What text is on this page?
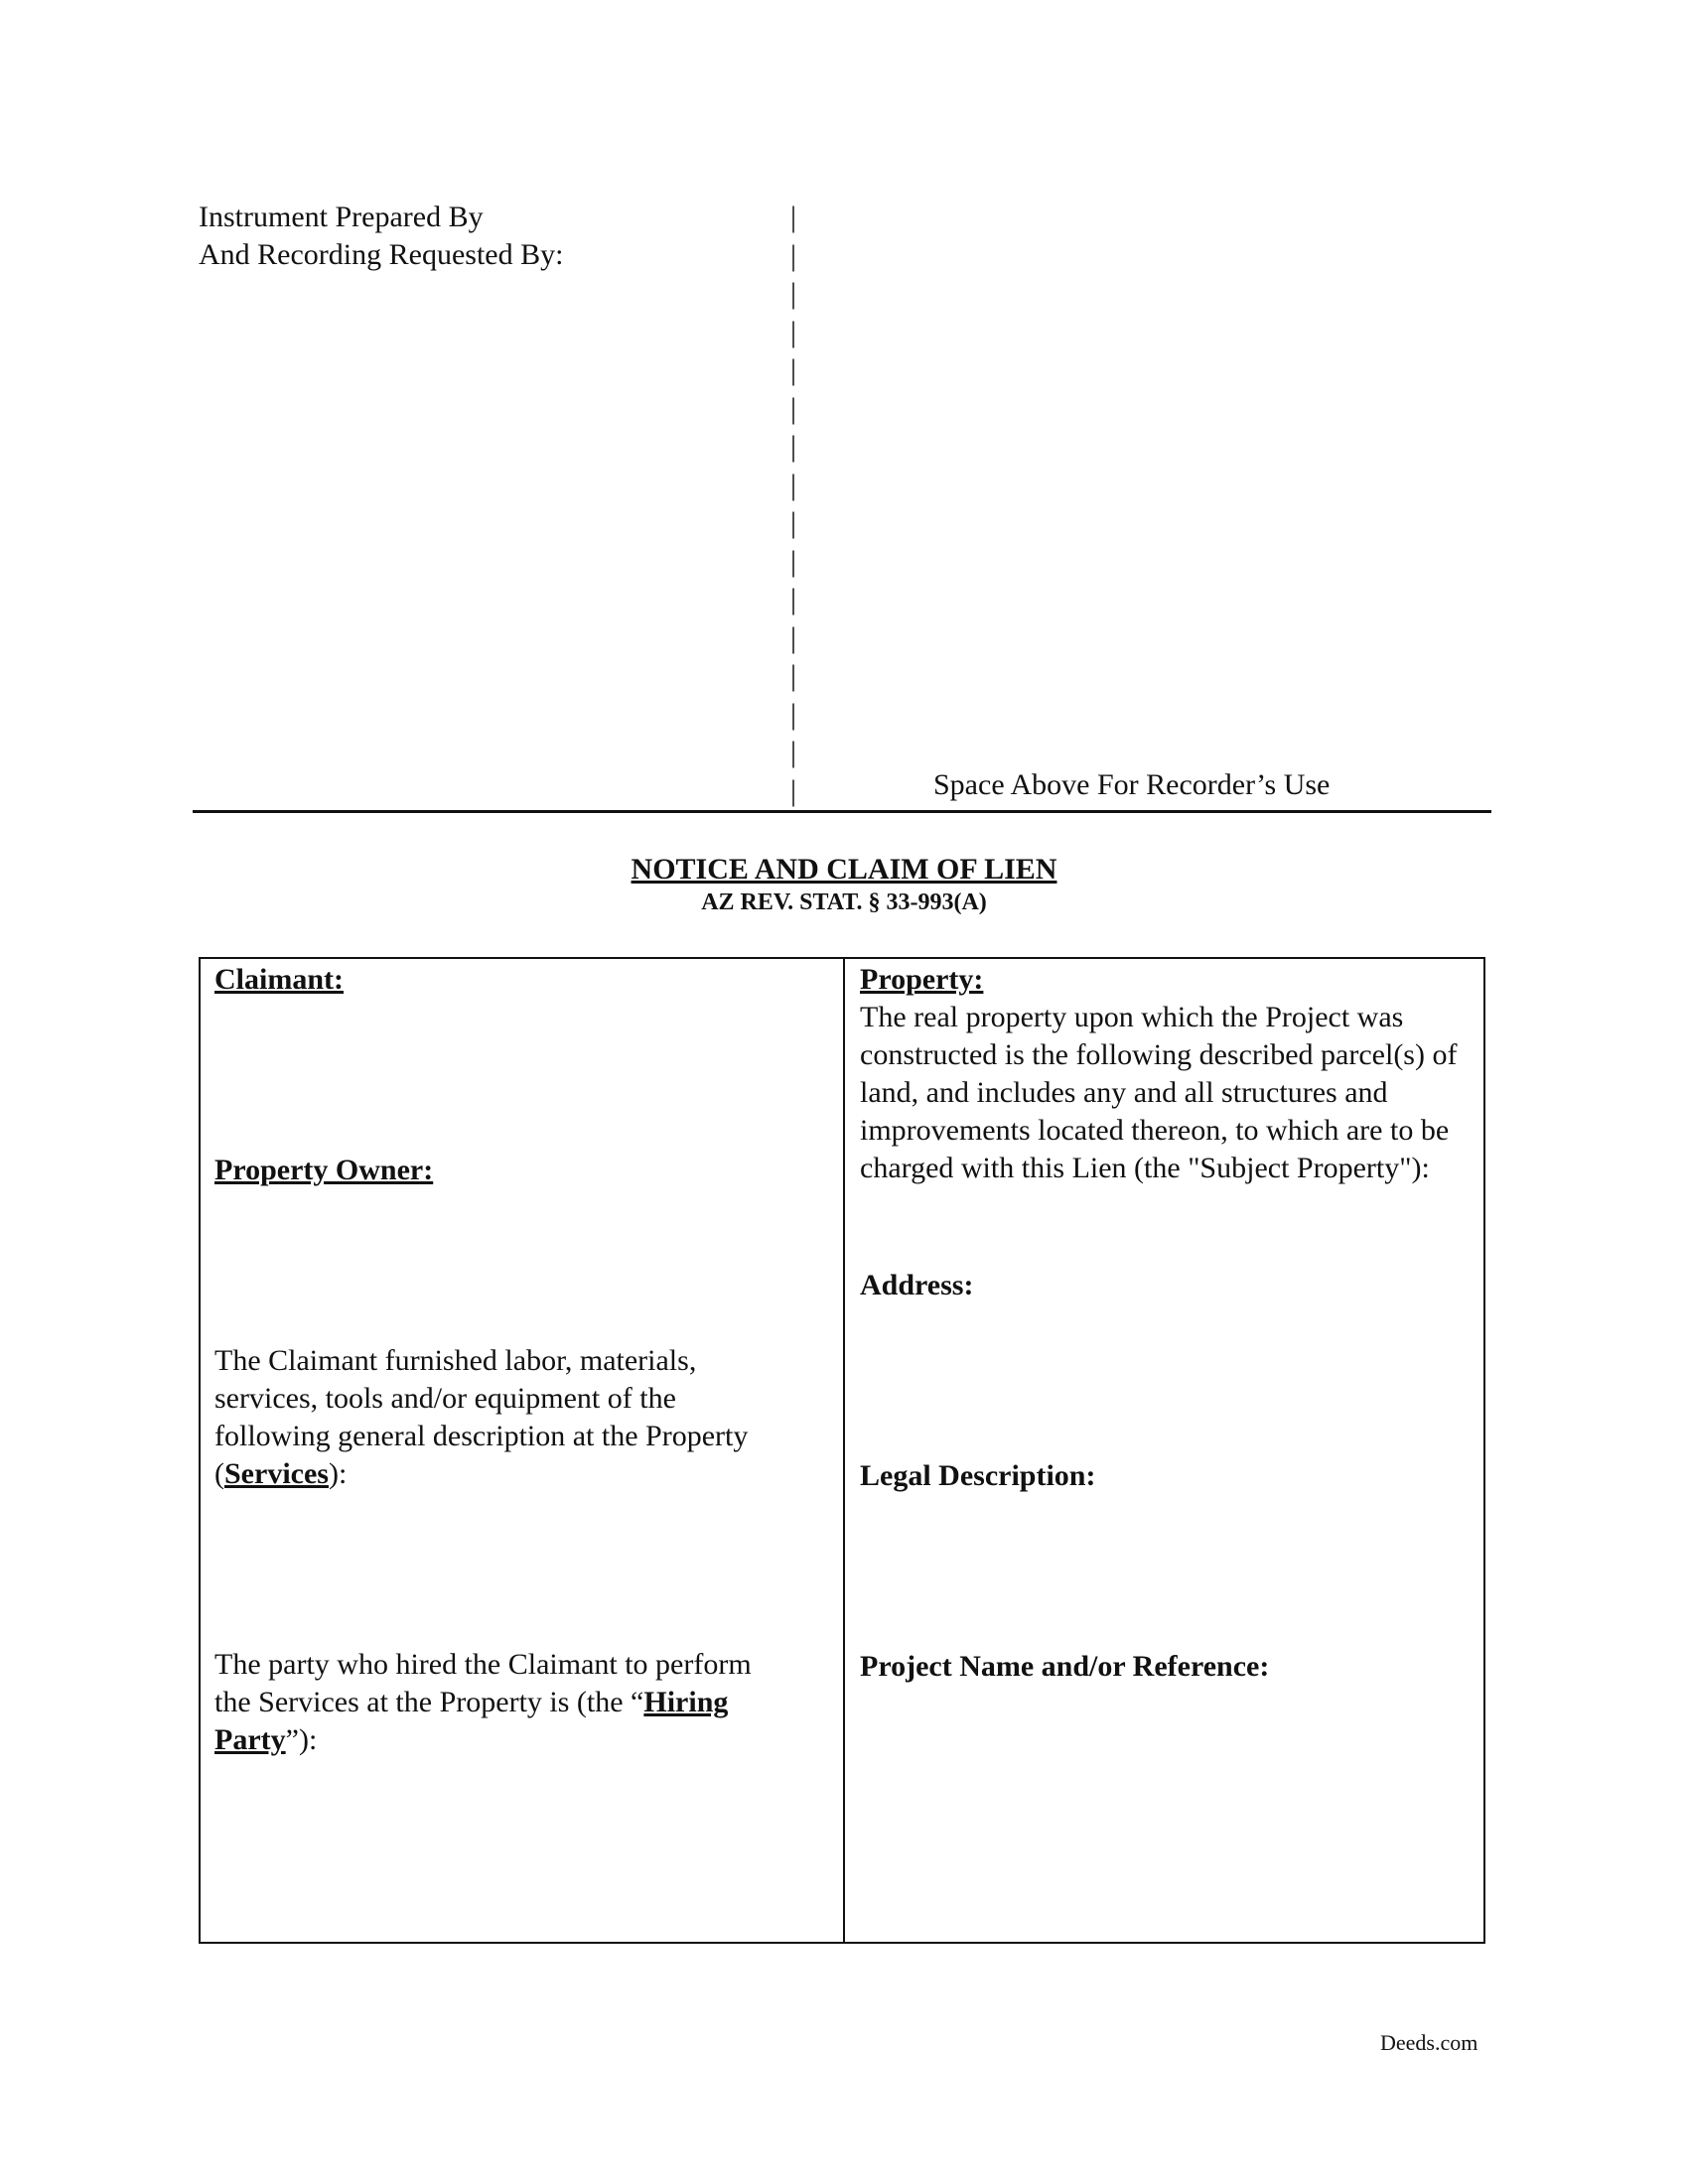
Instrument Prepared By
And Recording Requested By:
|
|
|
|
|
|
|
|
|
|
|
|
|
|
|
|	Space Above For Recorder’s Use
NOTICE AND CLAIM OF LIEN
AZ REV. STAT. § 33-993(A)
Claimant:
Property Owner:
The Claimant furnished labor, materials, services, tools and/or equipment of the following general description at the Property (Services):
The party who hired the Claimant to perform the Services at the Property is (the “Hiring Party”):
Property:
The real property upon which the Project was constructed is the following described parcel(s) of land, and includes any and all structures and improvements located thereon, to which are to be charged with this Lien (the "Subject Property"):
Address:
Legal Description:
Project Name and/or Reference:
Deeds.com
